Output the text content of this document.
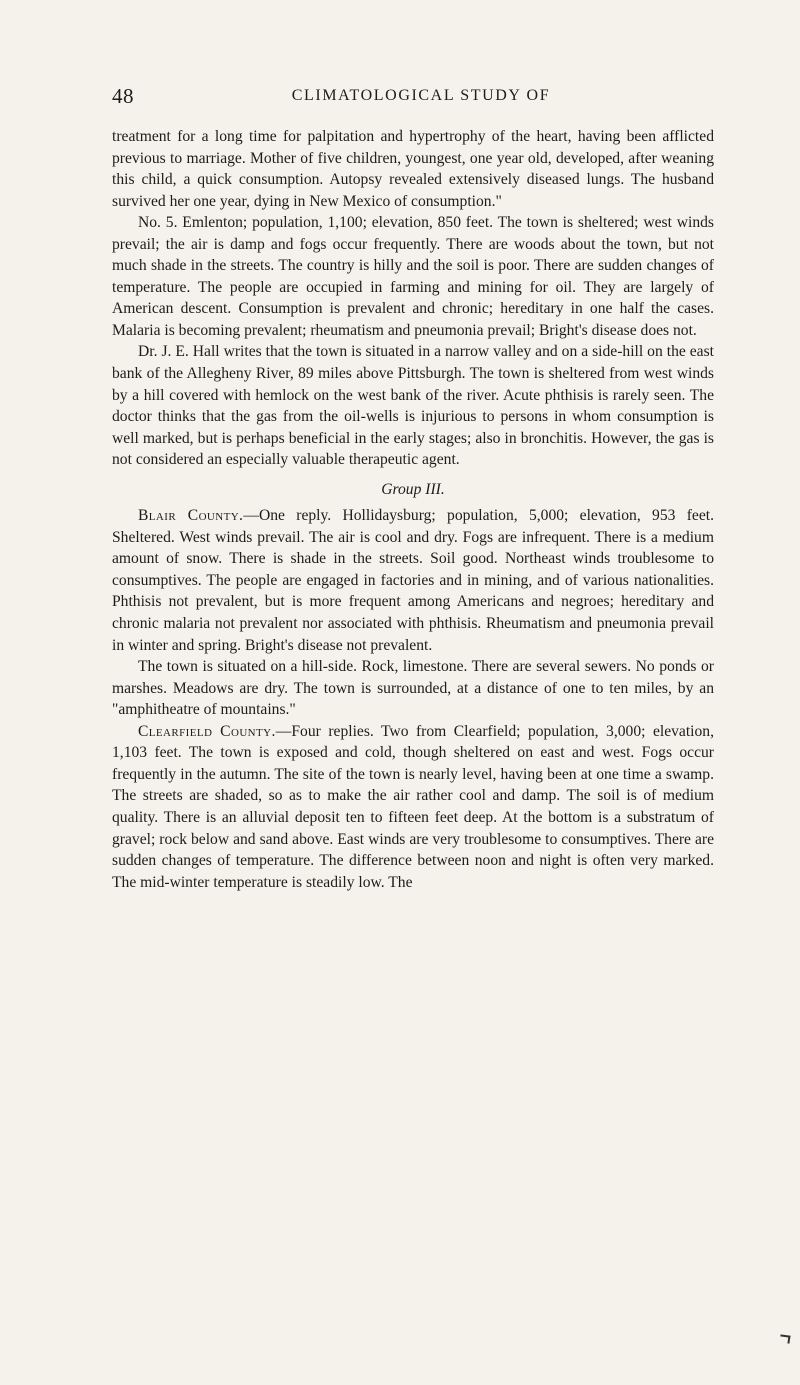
48	CLIMATOLOGICAL STUDY OF

treatment for a long time for palpitation and hypertrophy of the heart, having been afflicted previous to marriage. Mother of five children, youngest, one year old, developed, after weaning this child, a quick consumption. Autopsy revealed extensively diseased lungs. The husband survived her one year, dying in New Mexico of consumption."

No. 5. Emlenton; population, 1,100; elevation, 850 feet. The town is sheltered; west winds prevail; the air is damp and fogs occur frequently. There are woods about the town, but not much shade in the streets. The country is hilly and the soil is poor. There are sudden changes of temperature. The people are occupied in farming and mining for oil. They are largely of American descent. Consumption is prevalent and chronic; hereditary in one half the cases. Malaria is becoming prevalent; rheumatism and pneumonia prevail; Bright's disease does not.

Dr. J. E. Hall writes that the town is situated in a narrow valley and on a side-hill on the east bank of the Allegheny River, 89 miles above Pittsburgh. The town is sheltered from west winds by a hill covered with hemlock on the west bank of the river. Acute phthisis is rarely seen. The doctor thinks that the gas from the oil-wells is injurious to persons in whom consumption is well marked, but is perhaps beneficial in the early stages; also in bronchitis. However, the gas is not considered an especially valuable therapeutic agent.

Group III.

Blair County.—One reply. Hollidaysburg; population, 5,000; elevation, 953 feet. Sheltered. West winds prevail. The air is cool and dry. Fogs are infrequent. There is a medium amount of snow. There is shade in the streets. Soil good. Northeast winds troublesome to consumptives. The people are engaged in factories and in mining, and of various nationalities. Phthisis not prevalent, but is more frequent among Americans and negroes; hereditary and chronic malaria not prevalent nor associated with phthisis. Rheumatism and pneumonia prevail in winter and spring. Bright's disease not prevalent.

The town is situated on a hill-side. Rock, limestone. There are several sewers. No ponds or marshes. Meadows are dry. The town is surrounded, at a distance of one to ten miles, by an "amphitheatre of mountains."

Clearfield County.—Four replies. Two from Clearfield; population, 3,000; elevation, 1,103 feet. The town is exposed and cold, though sheltered on east and west. Fogs occur frequently in the autumn. The site of the town is nearly level, having been at one time a swamp. The streets are shaded, so as to make the air rather cool and damp. The soil is of medium quality. There is an alluvial deposit ten to fifteen feet deep. At the bottom is a substratum of gravel; rock below and sand above. East winds are very troublesome to consumptives. There are sudden changes of temperature. The difference between noon and night is often very marked. The mid-winter temperature is steadily low. The
